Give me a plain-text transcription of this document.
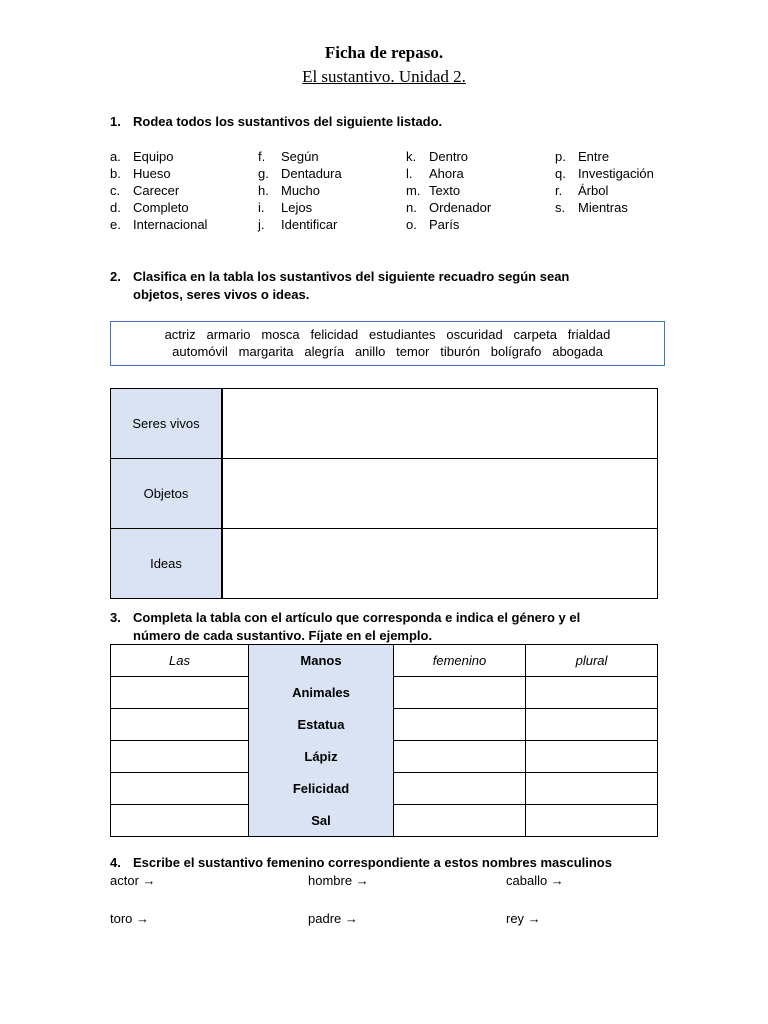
Ficha de repaso.
El sustantivo. Unidad 2.
1. Rodea todos los sustantivos del siguiente listado.
a. Equipo
b. Hueso
c. Carecer
d. Completo
e. Internacional
f. Según
g. Dentadura
h. Mucho
i. Lejos
j. Identificar
k. Dentro
l. Ahora
m. Texto
n. Ordenador
o. París
p. Entre
q. Investigación
r. Árbol
s. Mientras
2. Clasifica en la tabla los sustantivos del siguiente recuadro según sean
objetos, seres vivos o ideas.
actriz   armario   mosca   felicidad   estudiantes   oscuridad   carpeta   frialdad
automóvil   margarita   alegría   anillo   temor   tiburón   bolígrafo   abogada
Seres vivos	
Objetos	
Ideas	
3. Completa la tabla con el artículo que corresponda e indica el género y el
número de cada sustantivo. Fíjate en el ejemplo.
Las	Manos	femenino	plural
	Animales		
	Estatua		
	Lápiz		
	Felicidad		
	Sal		
4. Escribe el sustantivo femenino correspondiente a estos nombres masculinos
actor →	hombre →	caballo →
toro →	padre →	rey →
